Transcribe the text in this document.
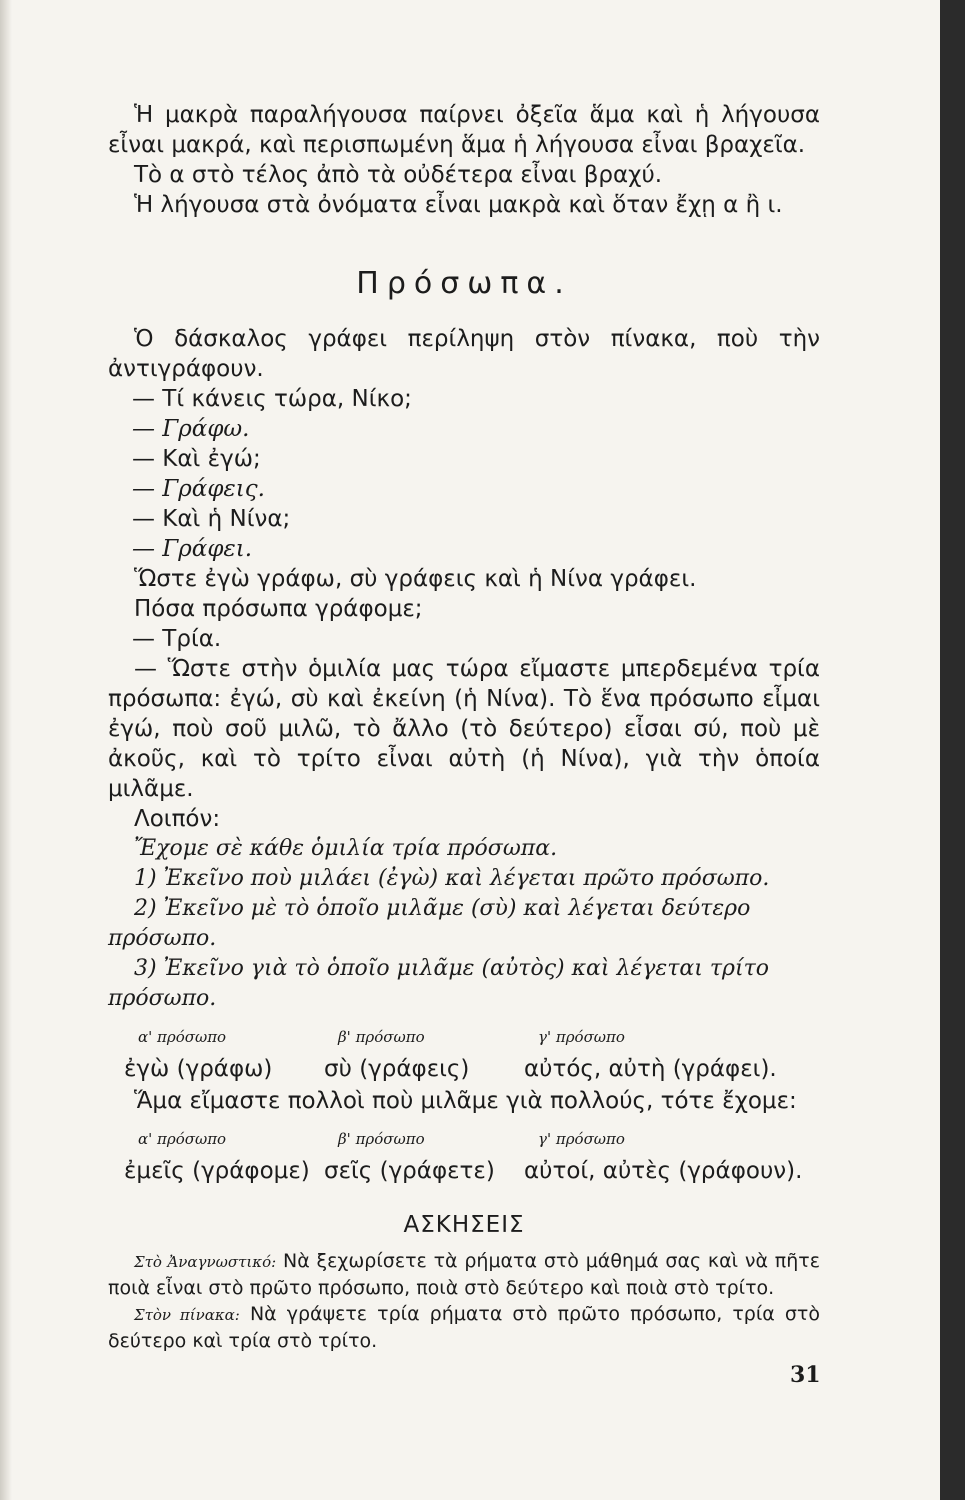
Ἡ μακρὰ παραλήγουσα παίρνει ὀξεῖα ἅμα καὶ ἡ λήγουσα εἶναι μακρά, καὶ περισπωμένη ἅμα ἡ λήγουσα εἶναι βραχεῖα.

Τὸ α στὸ τέλος ἀπὸ τὰ οὐδέτερα εἶναι βραχύ.

Ἡ λήγουσα στὰ ὀνόματα εἶναι μακρὰ καὶ ὅταν ἔχῃ α ἢ ι.

Πρόσωπα.

Ὁ δάσκαλος γράφει περίληψη στὸν πίνακα, ποὺ τὴν ἀντιγράφουν.

— Τί κάνεις τώρα, Νίκο;
— Γράφω.
— Καὶ ἐγώ;
— Γράφεις.
— Καὶ ἡ Νίνα;
— Γράφει.

Ὥστε ἐγὼ γράφω, σὺ γράφεις καὶ ἡ Νίνα γράφει.

Πόσα πρόσωπα γράφομε;

— Τρία.

— Ὥστε στὴν ὁμιλία μας τώρα εἴμαστε μπερδεμένα τρία πρόσωπα: ἐγώ, σὺ καὶ ἐκείνη (ἡ Νίνα). Τὸ ἕνα πρόσωπο εἶμαι ἐγώ, ποὺ σοῦ μιλῶ, τὸ ἄλλο (τὸ δεύτερο) εἶσαι σύ, ποὺ μὲ ἀκοῦς, καὶ τὸ τρίτο εἶναι αὐτὴ (ἡ Νίνα), γιὰ τὴν ὁποία μιλᾶμε.

Λοιπόν:

Ἔχομε σὲ κάθε ὁμιλία τρία πρόσωπα.
1) Ἐκεῖνο ποὺ μιλάει (ἐγὼ) καὶ λέγεται πρῶτο πρόσωπο.
2) Ἐκεῖνο μὲ τὸ ὁποῖο μιλᾶμε (σὺ) καὶ λέγεται δεύτερο πρόσωπο.
3) Ἐκεῖνο γιὰ τὸ ὁποῖο μιλᾶμε (αὐτὸς) καὶ λέγεται τρίτο πρόσωπο.
α' πρόσωπο	β' πρόσωπο	γ' πρόσωπο
ἐγὼ (γράφω) σὺ (γράφεις) αὐτός, αὐτὴ (γράφει).

Ἅμα εἴμαστε πολλοὶ ποὺ μιλᾶμε γιὰ πολλούς, τότε ἔχομε:

α' πρόσωπο	β' πρόσωπο	γ' πρόσωπο
ἐμεῖς (γράφομε) σεῖς (γράφετε) αὐτοί, αὐτὲς (γράφουν).
ΑΣΚΗΣΕΙΣ

Στὸ Ἀναγνωστικό: Νὰ ξεχωρίσετε τὰ ρήματα στὸ μάθημά σας καὶ νὰ πῆτε ποιὰ εἶναι στὸ πρῶτο πρόσωπο, ποιὰ στὸ δεύτερο καὶ ποιὰ στὸ τρίτο.

Στὸν πίνακα: Νὰ γράψετε τρία ρήματα στὸ πρῶτο πρόσωπο, τρία στὸ δεύτερο καὶ τρία στὸ τρίτο.

31
